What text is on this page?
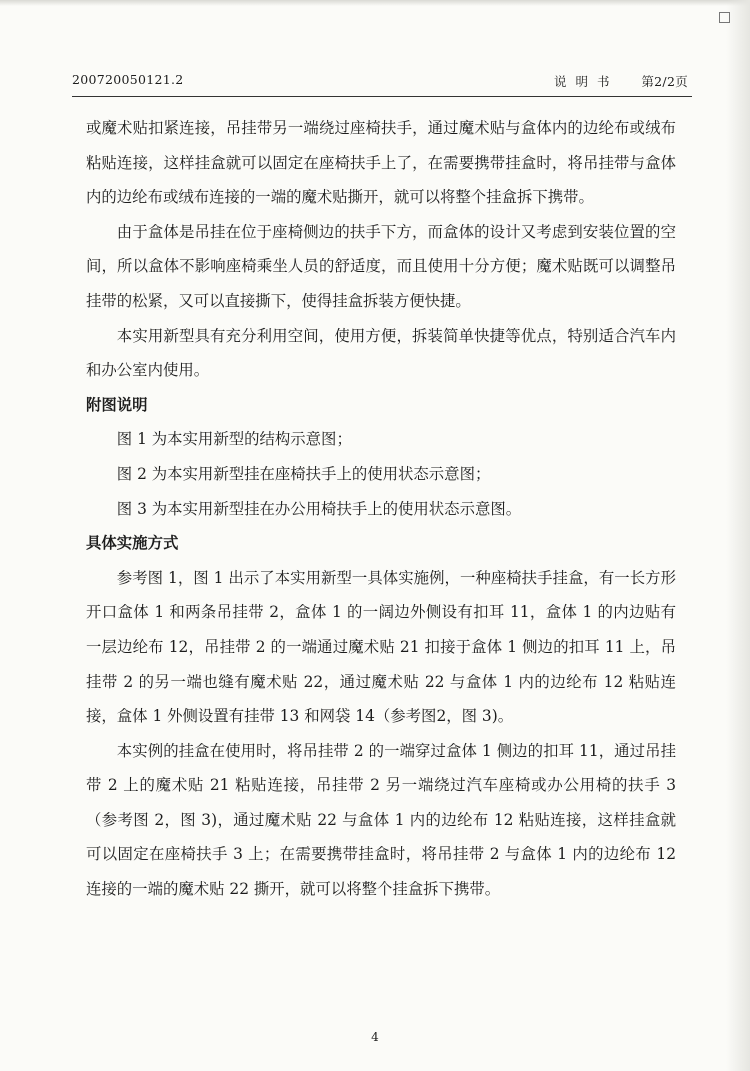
200720050121.2	说明书 第2/2页

或魔术贴扣紧连接，吊挂带另一端绕过座椅扶手，通过魔术贴与盒体内的边纶布或绒布粘贴连接，这样挂盒就可以固定在座椅扶手上了，在需要携带挂盒时，将吊挂带与盒体内的边纶布或绒布连接的一端的魔术贴撕开，就可以将整个挂盒拆下携带。

由于盒体是吊挂在位于座椅侧边的扶手下方，而盒体的设计又考虑到安装位置的空间，所以盒体不影响座椅乘坐人员的舒适度，而且使用十分方便；魔术贴既可以调整吊挂带的松紧，又可以直接撕下，使得挂盒拆装方便快捷。

本实用新型具有充分利用空间，使用方便，拆装简单快捷等优点，特别适合汽车内和办公室内使用。

附图说明

图 1 为本实用新型的结构示意图；

图 2 为本实用新型挂在座椅扶手上的使用状态示意图；

图 3 为本实用新型挂在办公用椅扶手上的使用状态示意图。

具体实施方式

参考图 1，图 1 出示了本实用新型一具体实施例，一种座椅扶手挂盒，有一长方形开口盒体 1 和两条吊挂带 2，盒体 1 的一阔边外侧设有扣耳 11，盒体 1 的内边贴有一层边纶布 12，吊挂带 2 的一端通过魔术贴 21 扣接于盒体 1 侧边的扣耳 11 上，吊挂带 2 的另一端也缝有魔术贴 22，通过魔术贴 22 与盒体 1 内的边纶布 12 粘贴连接，盒体 1 外侧设置有挂带 13 和网袋 14（参考图2，图 3)。

本实例的挂盒在使用时，将吊挂带 2 的一端穿过盒体 1 侧边的扣耳 11，通过吊挂带 2 上的魔术贴 21 粘贴连接，吊挂带 2 另一端绕过汽车座椅或办公用椅的扶手 3（参考图 2，图 3)，通过魔术贴 22 与盒体 1 内的边纶布 12 粘贴连接，这样挂盒就可以固定在座椅扶手 3 上；在需要携带挂盒时，将吊挂带 2 与盒体 1 内的边纶布 12 连接的一端的魔术贴 22 撕开，就可以将整个挂盒拆下携带。

4
